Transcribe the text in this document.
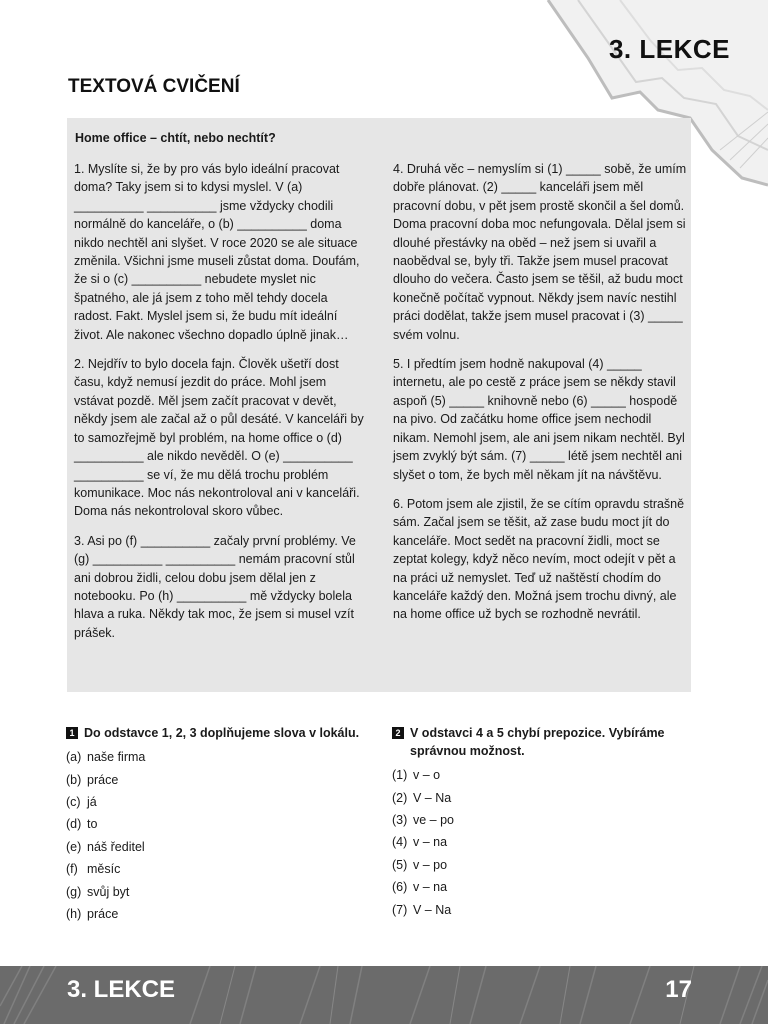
3. LEKCE
TEXTOVÁ CVIČENÍ
Home office – chtít, nebo nechtít?

1. Myslíte si, že by pro vás bylo ideální pracovat doma? Taky jsem si to kdysi myslel. V (a) __________ __________ jsme vždycky chodili normálně do kanceláře, o (b) __________ doma nikdo nechtěl ani slyšet. V roce 2020 se ale situace změnila. Všichni jsme museli zůstat doma. Doufám, že si o (c) __________ nebudete myslet nic špatného, ale já jsem z toho měl tehdy docela radost. Fakt. Myslel jsem si, že budu mít ideální život. Ale nakonec všechno dopadlo úplně jinak…

2. Nejdřív to bylo docela fajn. Člověk ušetří dost času, když nemusí jezdit do práce. Mohl jsem vstávat pozdě. Měl jsem začít pracovat v devět, někdy jsem ale začal až o půl desáté. V kanceláři by to samozřejmě byl problém, na home office o (d) __________ ale nikdo nevěděl. O (e) __________ __________ se ví, že mu dělá trochu problém komunikace. Moc nás nekontroloval ani v kanceláři. Doma nás nekontroloval skoro vůbec.

3. Asi po (f) __________ začaly první problémy. Ve (g) __________ __________ nemám pracovní stůl ani dobrou židli, celou dobu jsem dělal jen z notebooku. Po (h) __________ mě vždycky bolela hlava a ruka. Někdy tak moc, že jsem si musel vzít prášek.

4. Druhá věc – nemyslím si (1) _____ sobě, že umím dobře plánovat. (2) _____ kanceláři jsem měl pracovní dobu, v pět jsem prostě skončil a šel domů. Doma pracovní doba moc nefungovala. Dělal jsem si dlouhé přestávky na oběd – než jsem si uvařil a naobědval se, byly tři. Takže jsem musel pracovat dlouho do večera. Často jsem se těšil, až budu moct konečně počítač vypnout. Někdy jsem navíc nestihl práci dodělat, takže jsem musel pracovat i (3) _____ svém volnu.

5. I předtím jsem hodně nakupoval (4) _____ internetu, ale po cestě z práce jsem se někdy stavil aspoň (5) _____ knihovně nebo (6) _____ hospodě na pivo. Od začátku home office jsem nechodil nikam. Nemohl jsem, ale ani jsem nikam nechtěl. Byl jsem zvyklý být sám. (7) _____ létě jsem nechtěl ani slyšet o tom, že bych měl někam jít na návštěvu.

6. Potom jsem ale zjistil, že se cítím opravdu strašně sám. Začal jsem se těšit, až zase budu moct jít do kanceláře. Moct sedět na pracovní židli, moct se zeptat kolegy, když něco nevím, moct odejít v pět a na práci už nemyslet. Teď už naštěstí chodím do kanceláře každý den. Možná jsem trochu divný, ale na home office už bych se rozhodně nevrátil.

1 Do odstavce 1, 2, 3 doplňujeme slova v lokálu.
(a) naše firma
(b) práce
(c) já
(d) to
(e) náš ředitel
(f) měsíc
(g) svůj byt
(h) práce
2 V odstavci 4 a 5 chybí prepozice. Vybíráme správnou možnost.
(1) v – o
(2) V – Na
(3) ve – po
(4) v – na
(5) v – po
(6) v – na
(7) V – Na
3. LEKCE	17
